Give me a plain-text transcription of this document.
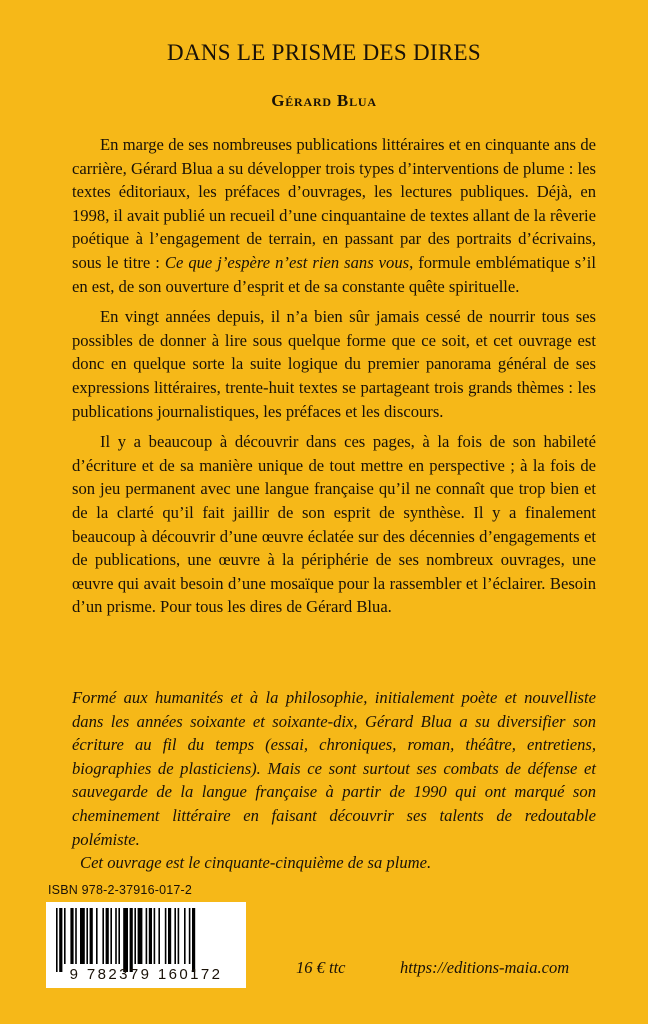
DANS LE PRISME DES DIRES
Gérard Blua

En marge de ses nombreuses publications littéraires et en cinquante ans de carrière, Gérard Blua a su développer trois types d’interventions de plume : les textes éditoriaux, les préfaces d’ouvrages, les lectures publiques. Déjà, en 1998, il avait publié un recueil d’une cinquantaine de textes allant de la rêverie poétique à l’engagement de terrain, en passant par des portraits d’écrivains, sous le titre : Ce que j’espère n’est rien sans vous, formule emblématique s’il en est, de son ouverture d’esprit et de sa constante quête spirituelle.

En vingt années depuis, il n’a bien sûr jamais cessé de nourrir tous ses possibles de donner à lire sous quelque forme que ce soit, et cet ouvrage est donc en quelque sorte la suite logique du premier panorama général de ses expressions littéraires, trente-huit textes se partageant trois grands thèmes : les publications journalistiques, les préfaces et les discours.

Il y a beaucoup à découvrir dans ces pages, à la fois de son habileté d’écriture et de sa manière unique de tout mettre en perspective ; à la fois de son jeu permanent avec une langue française qu’il ne connaît que trop bien et de la clarté qu’il fait jaillir de son esprit de synthèse. Il y a finalement beaucoup à découvrir d’une œuvre éclatée sur des décennies d’engagements et de publications, une œuvre à la périphérie de ses nombreux ouvrages, une œuvre qui avait besoin d’une mosaïque pour la rassembler et l’éclairer. Besoin d’un prisme. Pour tous les dires de Gérard Blua.

Formé aux humanités et à la philosophie, initialement poète et nouvelliste dans les années soixante et soixante-dix, Gérard Blua a su diversifier son écriture au fil du temps (essai, chroniques, roman, théâtre, entretiens, biographies de plasticiens). Mais ce sont surtout ses combats de défense et sauvegarde de la langue française à partir de 1990 qui ont marqué son cheminement littéraire en faisant découvrir ses talents de redoutable polémiste.

Cet ouvrage est le cinquante-cinquième de sa plume.

ISBN 978-2-37916-017-2
9 782379 160172	16 € ttc	https://editions-maia.com
